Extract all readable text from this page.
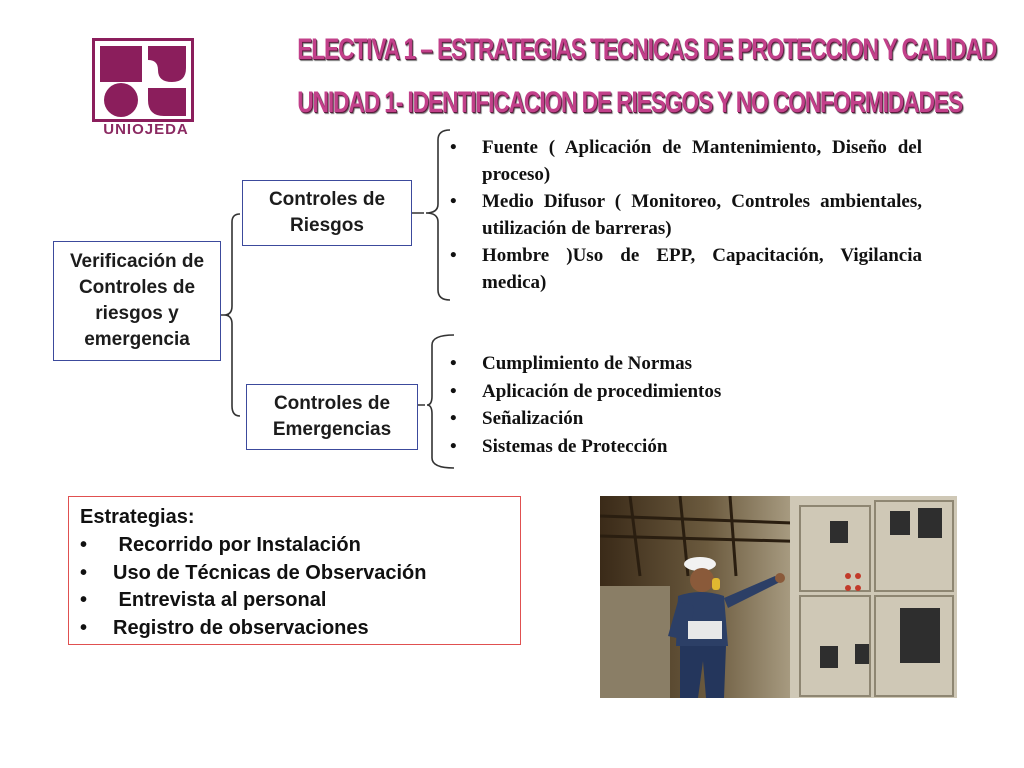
UNIOJEDA
ELECTIVA 1 – ESTRATEGIAS TECNICAS DE PROTECCION Y CALIDAD
UNIDAD 1- IDENTIFICACION DE RIESGOS Y NO CONFORMIDADES
Verificación de Controles de riesgos y emergencia
Controles de Riesgos
Controles de Emergencias
• Fuente ( Aplicación de Mantenimiento, Diseño del proceso)
• Medio Difusor ( Monitoreo, Controles ambientales, utilización de barreras)
• Hombre )Uso de EPP, Capacitación, Vigilancia medica)
• Cumplimiento de Normas
• Aplicación de procedimientos
• Señalización
• Sistemas de Protección
Estrategias:
• Recorrido por Instalación
• Uso de Técnicas de Observación
• Entrevista al personal
• Registro de observaciones
